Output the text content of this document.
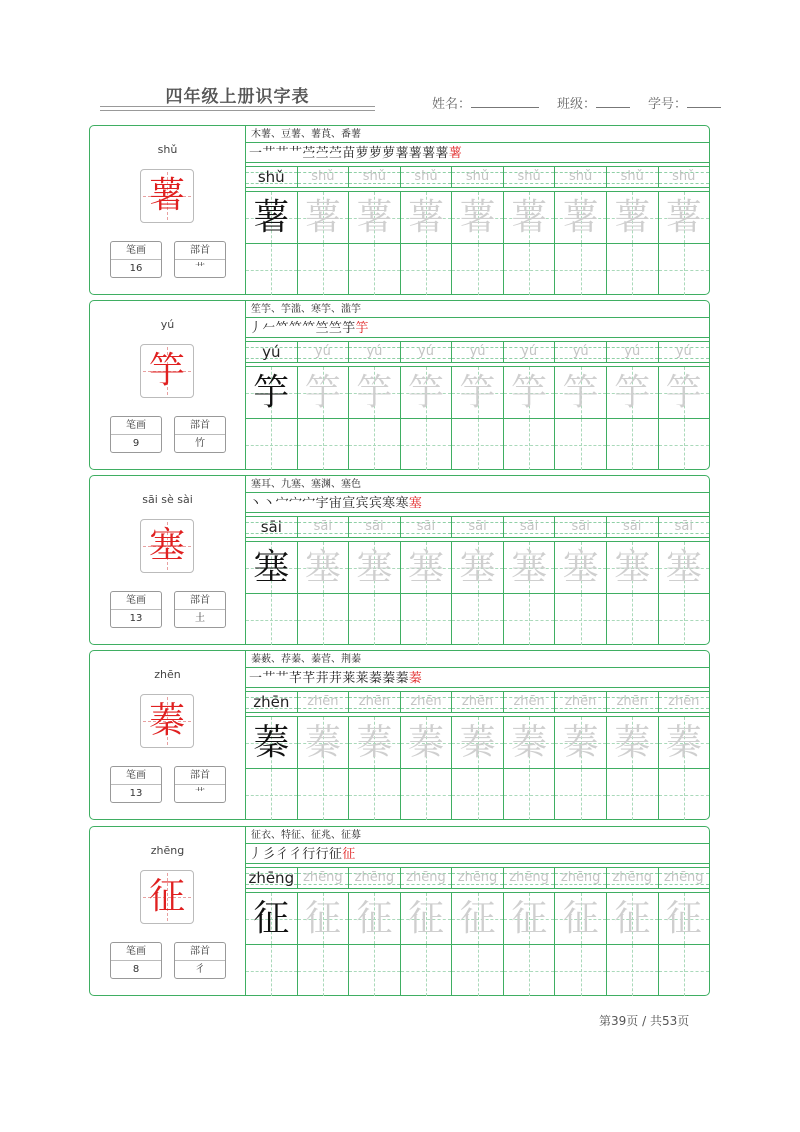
四年级上册识字表	姓名：	班级：	学号：
shǔ
薯
笔画
16
部首
艹
木薯、豆薯、薯莨、番薯
一艹艹艹苎苎苎苗萝萝萝薯薯薯薯薯
shǔ	shǔ	shǔ	shǔ	shǔ	shǔ	shǔ	shǔ	shǔ
薯 薯 薯 薯 薯 薯 薯 薯 薯
yú
竽
笔画
9
部首
竹
笙竽、竽滥、寒竽、滥竽
丿𠂉𥫗𥫗𥫗竺竺竽竽
yú	yú	yú	yú	yú	yú	yú	yú	yú
竽 竽 竽 竽 竽 竽 竽 竽 竽
sāi sè sài
塞
笔画
13
部首
土
塞耳、九塞、塞渊、塞色
丶丶宀宀宀宇宙宣宾宾寒寒塞
sāi	sāi	sāi	sāi	sāi	sāi	sāi	sāi	sāi
塞 塞 塞 塞 塞 塞 塞 塞 塞
zhēn
蓁
笔画
13
部首
艹
蓁薮、荐蓁、蓁菅、荆蓁
一艹艹芊芊茾茾莱莱蓁蓁蓁蓁
zhēn	zhēn	zhēn	zhēn	zhēn	zhēn	zhēn	zhēn	zhēn
蓁 蓁 蓁 蓁 蓁 蓁 蓁 蓁 蓁
zhēng
征
笔画
8
部首
彳
征衣、特征、征兆、征募
丿彡彳彳行行征征
zhēng zhēng zhēng zhēng zhēng zhēng zhēng zhēng zhēng
征 征 征 征 征 征 征 征 征
第39页 / 共53页
